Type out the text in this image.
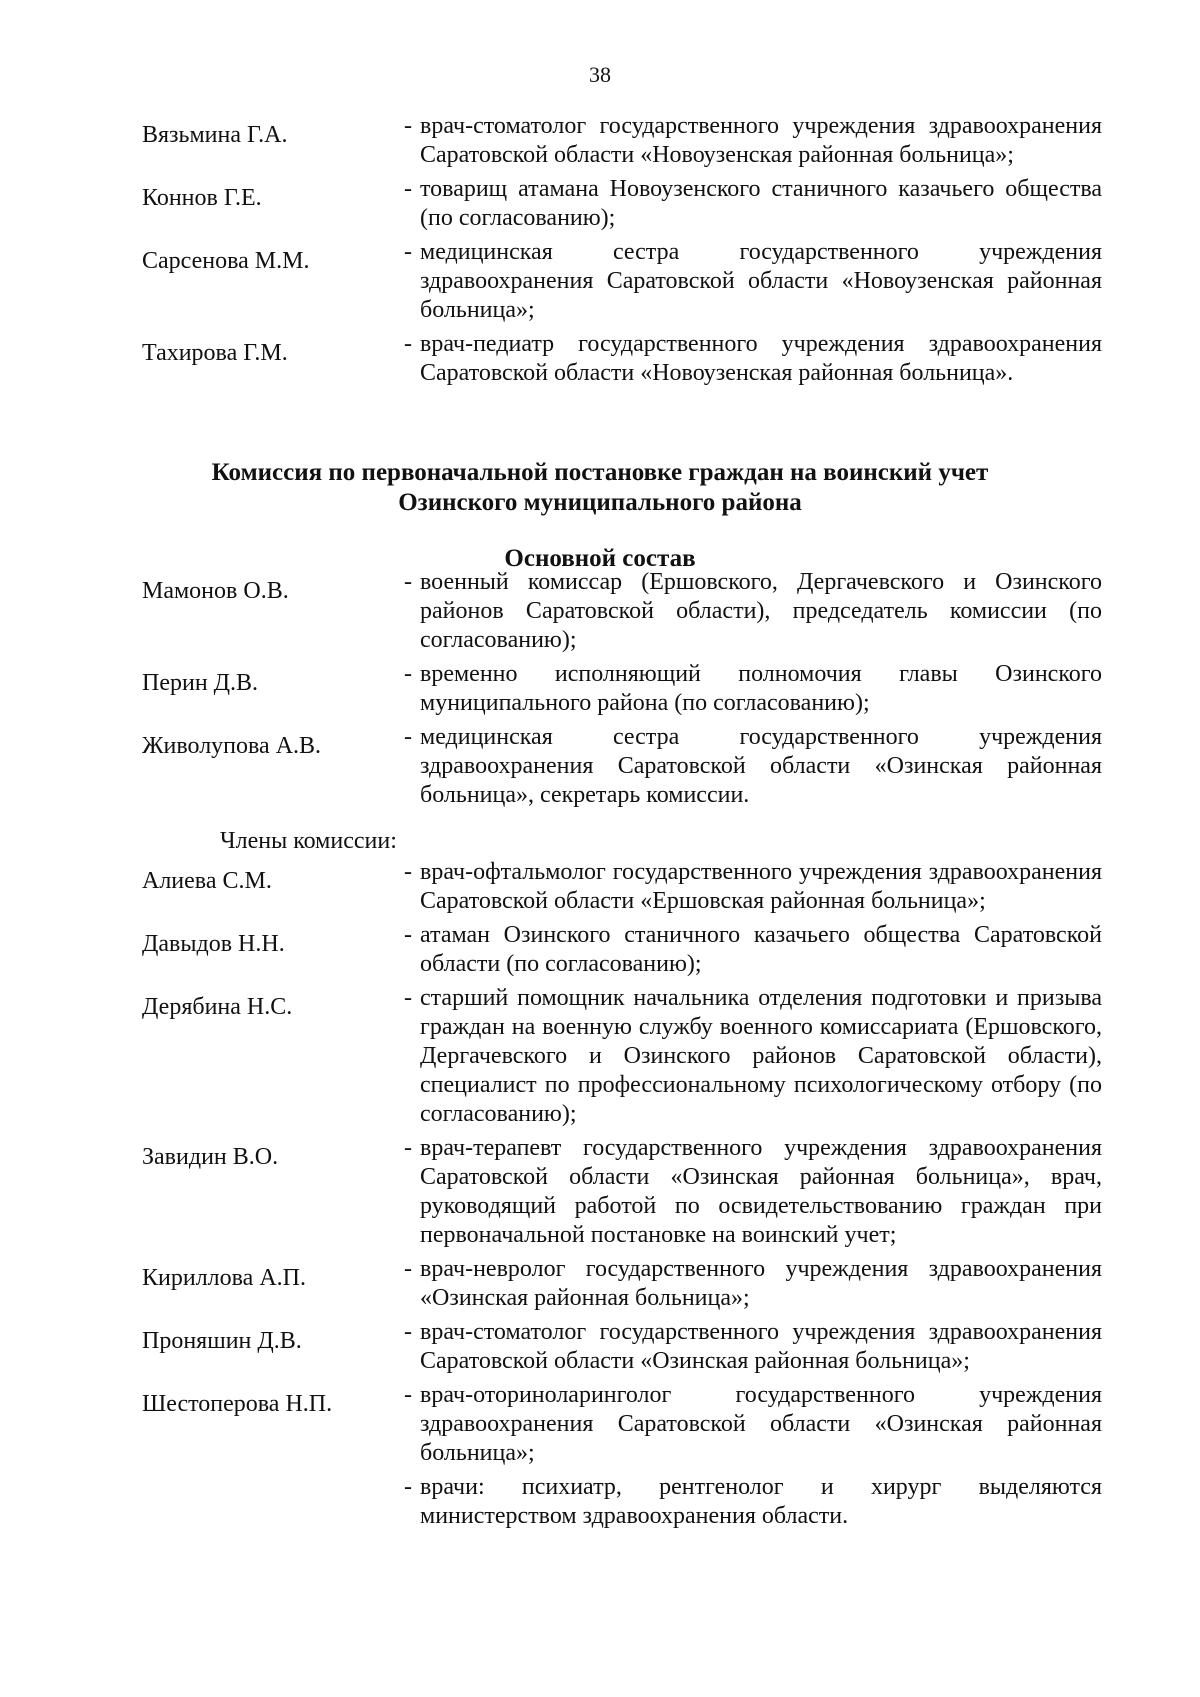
38
Вязьмина Г.А.	- врач-стоматолог государственного учреждения здравоохранения Саратовской области «Новоузенская районная больница»;
Коннов Г.Е.	- товарищ атамана Новоузенского станичного казачьего общества (по согласованию);
Сарсенова М.М.	- медицинская сестра государственного учреждения здравоохранения Саратовской области «Новоузенская районная больница»;
Тахирова Г.М.	- врач-педиатр государственного учреждения здравоохранения Саратовской области «Новоузенская районная больница».
Комиссия по первоначальной постановке граждан на воинский учет
Озинского муниципального района
Основной состав
Мамонов О.В.	- военный комиссар (Ершовского, Дергачевского и Озинского районов Саратовской области), председатель комиссии (по согласованию);
Перин Д.В.	- временно исполняющий полномочия главы Озинского муниципального района (по согласованию);
Живолупова А.В.	- медицинская сестра государственного учреждения здравоохранения Саратовской области «Озинская районная больница», секретарь комиссии.
Члены комиссии:
Алиева С.М.	- врач-офтальмолог государственного учреждения здравоохранения Саратовской области «Ершовская районная больница»;
Давыдов Н.Н.	- атаман Озинского станичного казачьего общества Саратовской области (по согласованию);
Дерябина Н.С.	- старший помощник начальника отделения подготовки и призыва граждан на военную службу военного комиссариата (Ершовского, Дергачевского и Озинского районов Саратовской области), специалист по профессиональному психологическому отбору (по согласованию);
Завидин В.О.	- врач-терапевт государственного учреждения здравоохранения Саратовской области «Озинская районная больница», врач, руководящий работой по освидетельствованию граждан при первоначальной постановке на воинский учет;
Кириллова А.П.	- врач-невролог государственного учреждения здравоохранения «Озинская районная больница»;
Проняшин Д.В.	- врач-стоматолог государственного учреждения здравоохранения Саратовской области «Озинская районная больница»;
Шестоперова Н.П.	- врач-оториноларинголог государственного учреждения здравоохранения Саратовской области «Озинская районная больница»;
- врачи: психиатр, рентгенолог и хирург выделяются министерством здравоохранения области.
